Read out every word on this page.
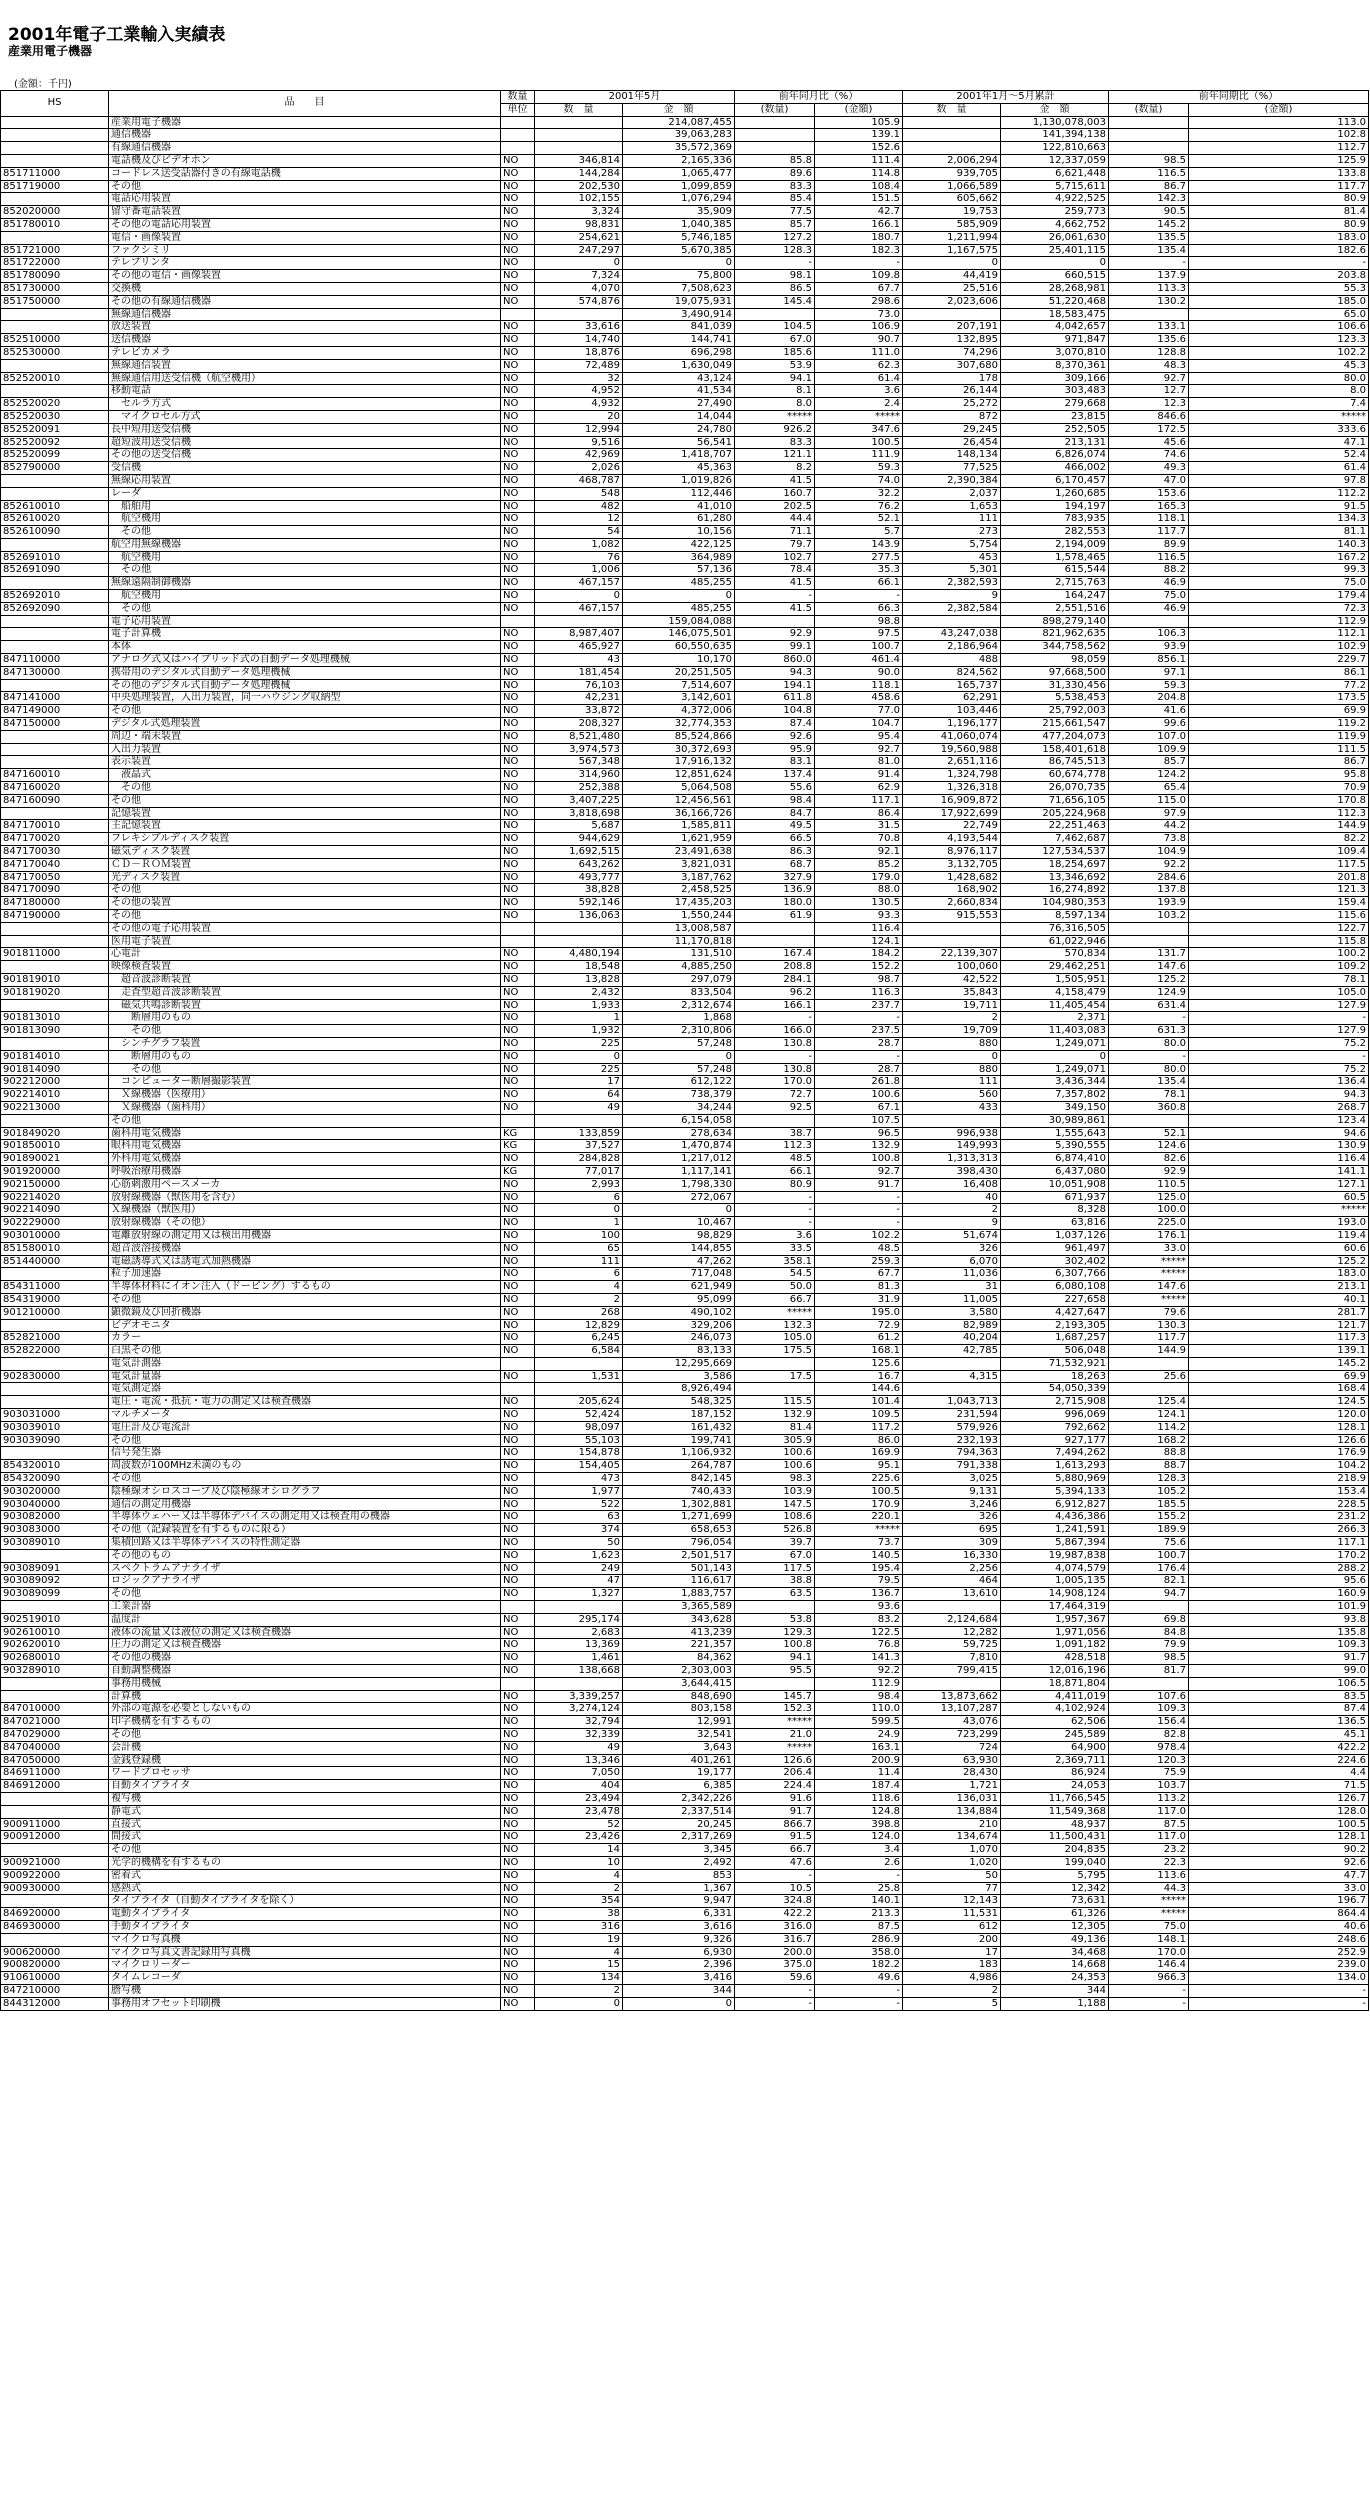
2001年電子工業輸入実績表
産業用電子機器
(金額：千円)
HS	品　　目	数量	2001年5月		前年同月比（%）		2001年1月〜5月累計		前年同期比（%）	
		単位	数　量	金　額	(数量)	(金額)	数　量	金　額	(数量)	(金額)
	産業用電子機器			214,087,455		105.9		1,130,078,003		113.0
	通信機器			39,063,283		139.1		141,394,138		102.8
	有線通信機器			35,572,369		152.6		122,810,663		112.7
	電話機及びビデオホン	NO	346,814	2,165,336	85.8	111.4	2,006,294	12,337,059	98.5	125.9
851711000	コードレス送受話器付きの有線電話機	NO	144,284	1,065,477	89.6	114.8	939,705	6,621,448	116.5	133.8
851719000	その他	NO	202,530	1,099,859	83.3	108.4	1,066,589	5,715,611	86.7	117.7
	電話応用装置	NO	102,155	1,076,294	85.4	151.5	605,662	4,922,525	142.3	80.9
852020000	留守番電話装置	NO	3,324	35,909	77.5	42.7	19,753	259,773	90.5	81.4
851780010	その他の電話応用装置	NO	98,831	1,040,385	85.7	166.1	585,909	4,662,752	145.2	80.9
	電信・画像装置	NO	254,621	5,746,185	127.2	180.7	1,211,994	26,061,630	135.5	183.0
851721000	ファクシミリ	NO	247,297	5,670,385	128.3	182.3	1,167,575	25,401,115	135.4	182.6
851722000	テレプリンタ	NO	0	0	-	-	0	0	-	-
851780090	その他の電信・画像装置	NO	7,324	75,800	98.1	109.8	44,419	660,515	137.9	203.8
851730000	交換機	NO	4,070	7,508,623	86.5	67.7	25,516	28,268,981	113.3	55.3
851750000	その他の有線通信機器	NO	574,876	19,075,931	145.4	298.6	2,023,606	51,220,468	130.2	185.0
	無線通信機器			3,490,914		73.0		18,583,475		65.0
	放送装置	NO	33,616	841,039	104.5	106.9	207,191	4,042,657	133.1	106.6
852510000	送信機器	NO	14,740	144,741	67.0	90.7	132,895	971,847	135.6	123.3
852530000	テレビカメラ	NO	18,876	696,298	185.6	111.0	74,296	3,070,810	128.8	102.2
	無線通信装置	NO	72,489	1,630,049	53.9	62.3	307,680	8,370,361	48.3	45.3
852520010	無線通信用送受信機（航空機用）	NO	32	43,124	94.1	61.4	178	309,166	92.7	80.0
	移動電話	NO	4,952	41,534	8.1	3.6	26,144	303,483	12.7	8.0
852520020	　セルラ方式	NO	4,932	27,490	8.0	2.4	25,272	279,668	12.3	7.4
852520030	　マイクロセル方式	NO	20	14,044	*****	*****	872	23,815	846.6	*****
852520091	長中短用送受信機	NO	12,994	24,780	926.2	347.6	29,245	252,505	172.5	333.6
852520092	超短波用送受信機	NO	9,516	56,541	83.3	100.5	26,454	213,131	45.6	47.1
852520099	その他の送受信機	NO	42,969	1,418,707	121.1	111.9	148,134	6,826,074	74.6	52.4
852790000	受信機	NO	2,026	45,363	8.2	59.3	77,525	466,002	49.3	61.4
	無線応用装置	NO	468,787	1,019,826	41.5	74.0	2,390,384	6,170,457	47.0	97.8
	レーダ	NO	548	112,446	160.7	32.2	2,037	1,260,685	153.6	112.2
852610010	　船舶用	NO	482	41,010	202.5	76.2	1,653	194,197	165.3	91.5
852610020	　航空機用	NO	12	61,280	44.4	52.1	111	783,935	118.1	134.3
852610090	　その他	NO	54	10,156	71.1	5.7	273	282,553	117.7	81.1
	航空用無線機器	NO	1,082	422,125	79.7	143.9	5,754	2,194,009	89.9	140.3
852691010	　航空機用	NO	76	364,989	102.7	277.5	453	1,578,465	116.5	167.2
852691090	　その他	NO	1,006	57,136	78.4	35.3	5,301	615,544	88.2	99.3
	無線遠隔制御機器	NO	467,157	485,255	41.5	66.1	2,382,593	2,715,763	46.9	75.0
852692010	　航空機用	NO	0	0	-	-	9	164,247	75.0	179.4
852692090	　その他	NO	467,157	485,255	41.5	66.3	2,382,584	2,551,516	46.9	72.3
	電子応用装置			159,084,088		98.8		898,279,140		112.9
	電子計算機	NO	8,987,407	146,075,501	92.9	97.5	43,247,038	821,962,635	106.3	112.1
	本体	NO	465,927	60,550,635	99.1	100.7	2,186,964	344,758,562	93.9	102.9
847110000	アナログ式又はハイブリッド式の自動データ処理機械	NO	43	10,170	860.0	461.4	488	98,059	856.1	229.7
847130000	携帯用のデジタル式自動データ処理機械	NO	181,454	20,251,505	94.3	90.0	824,562	97,668,500	97.1	86.1
	その他のデジタル式自動データ処理機械	NO	76,103	7,514,607	194.1	118.1	165,737	31,330,456	59.3	77.2
847141000	中央処理装置，入出力装置，同一ハウジング収納型	NO	42,231	3,142,601	611.8	458.6	62,291	5,538,453	204.8	173.5
847149000	その他	NO	33,872	4,372,006	104.8	77.0	103,446	25,792,003	41.6	69.9
847150000	デジタル式処理装置	NO	208,327	32,774,353	87.4	104.7	1,196,177	215,661,547	99.6	119.2
	周辺・端末装置	NO	8,521,480	85,524,866	92.6	95.4	41,060,074	477,204,073	107.0	119.9
	入出力装置	NO	3,974,573	30,372,693	95.9	92.7	19,560,988	158,401,618	109.9	111.5
	表示装置	NO	567,348	17,916,132	83.1	81.0	2,651,116	86,745,513	85.7	86.7
847160010	　液晶式	NO	314,960	12,851,624	137.4	91.4	1,324,798	60,674,778	124.2	95.8
847160020	　その他	NO	252,388	5,064,508	55.6	62.9	1,326,318	26,070,735	65.4	70.9
847160090	その他	NO	3,407,225	12,456,561	98.4	117.1	16,909,872	71,656,105	115.0	170.8
	記憶装置	NO	3,818,698	36,166,726	84.7	86.4	17,922,699	205,224,968	97.9	112.3
847170010	主記憶装置	NO	5,687	1,585,811	49.5	31.5	22,749	22,251,463	44.2	144.9
847170020	フレキシブルディスク装置	NO	944,629	1,621,959	66.5	70.8	4,193,544	7,462,687	73.8	82.2
847170030	磁気ディスク装置	NO	1,692,515	23,491,638	86.3	92.1	8,976,117	127,534,537	104.9	109.4
847170040	ＣＤ－ＲＯＭ装置	NO	643,262	3,821,031	68.7	85.2	3,132,705	18,254,697	92.2	117.5
847170050	光ディスク装置	NO	493,777	3,187,762	327.9	179.0	1,428,682	13,346,692	284.6	201.8
847170090	その他	NO	38,828	2,458,525	136.9	88.0	168,902	16,274,892	137.8	121.3
847180000	その他の装置	NO	592,146	17,435,203	180.0	130.5	2,660,834	104,980,353	193.9	159.4
847190000	その他	NO	136,063	1,550,244	61.9	93.3	915,553	8,597,134	103.2	115.6
	その他の電子応用装置			13,008,587		116.4		76,316,505		122.7
	医用電子装置			11,170,818		124.1		61,022,946		115.8
901811000	心電計	NO	4,480,194	131,510	167.4	184.2	22,139,307	570,834	131.7	100.2
	映像検査装置	NO	18,548	4,885,250	208.8	152.2	100,060	29,462,251	147.6	109.2
901819010	　超音波診断装置	NO	13,828	297,079	284.1	98.7	42,522	1,505,951	125.2	78.1
901819020	　走査型超音波診断装置	NO	2,432	833,504	96.2	116.3	35,843	4,158,479	124.9	105.0
	　磁気共鳴診断装置	NO	1,933	2,312,674	166.1	237.7	19,711	11,405,454	631.4	127.9
901813010	　　断層用のもの	NO	1	1,868	-	-	2	2,371	-	-
901813090	　　その他	NO	1,932	2,310,806	166.0	237.5	19,709	11,403,083	631.3	127.9
	　シンチグラフ装置	NO	225	57,248	130.8	28.7	880	1,249,071	80.0	75.2
901814010	　　断層用のもの	NO	0	0	-	-	0	0	-	-
901814090	　　その他	NO	225	57,248	130.8	28.7	880	1,249,071	80.0	75.2
902212000	　コンピューター断層撮影装置	NO	17	612,122	170.0	261.8	111	3,436,344	135.4	136.4
902214010	　Ｘ線機器（医療用）	NO	64	738,379	72.7	100.6	560	7,357,802	78.1	94.3
902213000	　Ｘ線機器（歯科用）	NO	49	34,244	92.5	67.1	433	349,150	360.8	268.7
	その他			6,154,058		107.5		30,989,861		123.4
901849020	歯科用電気機器	KG	133,859	278,634	38.7	96.5	996,938	1,555,643	52.1	94.6
901850010	眼科用電気機器	KG	37,527	1,470,874	112.3	132.9	149,993	5,390,555	124.6	130.9
901890021	外科用電気機器	NO	284,828	1,217,012	48.5	100.8	1,313,313	6,874,410	82.6	116.4
901920000	呼吸治療用機器	KG	77,017	1,117,141	66.1	92.7	398,430	6,437,080	92.9	141.1
902150000	心筋刺激用ペースメーカ	NO	2,993	1,798,330	80.9	91.7	16,408	10,051,908	110.5	127.1
902214020	放射線機器（獣医用を含む）	NO	6	272,067	-	-	40	671,937	125.0	60.5
902214090	Ｘ線機器（獣医用）	NO	0	0	-	-	2	8,328	100.0	*****
902229000	放射線機器（その他）	NO	1	10,467	-	-	9	63,816	225.0	193.0
903010000	電離放射線の測定用又は検出用機器	NO	100	98,829	3.6	102.2	51,674	1,037,126	176.1	119.4
851580010	超音波溶接機器	NO	65	144,855	33.5	48.5	326	961,497	33.0	60.6
851440000	電磁誘導式又は誘電式加熱機器	NO	111	47,262	358.1	259.3	6,070	302,402	*****	125.2
	粒子加速器	NO	6	717,048	54.5	67.7	11,036	6,307,766	*****	183.0
854311000	半導体材料にイオン注入（ドーピング）するもの	NO	4	621,949	50.0	81.3	31	6,080,108	147.6	213.1
854319000	その他	NO	2	95,099	66.7	31.9	11,005	227,658	*****	40.1
901210000	顕微鏡及び回折機器	NO	268	490,102	*****	195.0	3,580	4,427,647	79.6	281.7
	ビデオモニタ	NO	12,829	329,206	132.3	72.9	82,989	2,193,305	130.3	121.7
852821000	カラー	NO	6,245	246,073	105.0	61.2	40,204	1,687,257	117.7	117.3
852822000	白黒その他	NO	6,584	83,133	175.5	168.1	42,785	506,048	144.9	139.1
	電気計測器			12,295,669		125.6		71,532,921		145.2
902830000	電気計量器	NO	1,531	3,586	17.5	16.7	4,315	18,263	25.6	69.9
	電気測定器			8,926,494		144.6		54,050,339		168.4
	電圧・電流・抵抗・電力の測定又は検査機器	NO	205,624	548,325	115.5	101.4	1,043,713	2,715,908	125.4	124.5
903031000	マルチメータ	NO	52,424	187,152	132.9	109.5	231,594	996,069	124.1	120.0
903039010	電圧計及び電流計	NO	98,097	161,432	81.4	117.2	579,926	792,662	114.2	128.1
903039090	その他	NO	55,103	199,741	305.9	86.0	232,193	927,177	168.2	126.6
	信号発生器	NO	154,878	1,106,932	100.6	169.9	794,363	7,494,262	88.8	176.9
854320010	周波数が100MHz未満のもの	NO	154,405	264,787	100.6	95.1	791,338	1,613,293	88.7	104.2
854320090	その他	NO	473	842,145	98.3	225.6	3,025	5,880,969	128.3	218.9
903020000	陰極線オシロスコープ及び陰極線オシログラフ	NO	1,977	740,433	103.9	100.5	9,131	5,394,133	105.2	153.4
903040000	通信の測定用機器	NO	522	1,302,881	147.5	170.9	3,246	6,912,827	185.5	228.5
903082000	半導体ウェハー又は半導体デバイスの測定用又は検査用の機器	NO	63	1,271,699	108.6	220.1	326	4,436,386	155.2	231.2
903083000	その他（記録装置を有するものに限る）	NO	374	658,653	526.8	*****	695	1,241,591	189.9	266.3
903089010	集積回路又は半導体デバイスの特性測定器	NO	50	796,054	39.7	73.7	309	5,867,394	75.6	117.1
	その他のもの	NO	1,623	2,501,517	67.0	140.5	16,330	19,987,838	100.7	170.2
903089091	スペクトラムアナライザ	NO	249	501,143	117.5	195.4	2,256	4,074,579	176.4	288.2
903089092	ロジックアナライザ	NO	47	116,617	38.8	79.5	464	1,005,135	82.1	95.6
903089099	その他	NO	1,327	1,883,757	63.5	136.7	13,610	14,908,124	94.7	160.9
	工業計器			3,365,589		93.6		17,464,319		101.9
902519010	温度計	NO	295,174	343,628	53.8	83.2	2,124,684	1,957,367	69.8	93.8
902610010	液体の流量又は液位の測定又は検査機器	NO	2,683	413,239	129.3	122.5	12,282	1,971,056	84.8	135.8
902620010	圧力の測定又は検査機器	NO	13,369	221,357	100.8	76.8	59,725	1,091,182	79.9	109.3
902680010	その他の機器	NO	1,461	84,362	94.1	141.3	7,810	428,518	98.5	91.7
903289010	自動調整機器	NO	138,668	2,303,003	95.5	92.2	799,415	12,016,196	81.7	99.0
	事務用機械			3,644,415		112.9		18,871,804		106.5
	計算機	NO	3,339,257	848,690	145.7	98.4	13,873,662	4,411,019	107.6	83.5
847010000	外部の電源を必要としないもの	NO	3,274,124	803,158	152.3	110.0	13,107,287	4,102,924	109.3	87.4
847021000	印字機構を有するもの	NO	32,794	12,991	*****	599.5	43,076	62,506	156.4	136.5
847029000	その他	NO	32,339	32,541	21.0	24.9	723,299	245,589	82.8	45.1
847040000	会計機	NO	49	3,643	*****	163.1	724	64,900	978.4	422.2
847050000	金銭登録機	NO	13,346	401,261	126.6	200.9	63,930	2,369,711	120.3	224.6
846911000	ワードプロセッサ	NO	7,050	19,177	206.4	11.4	28,430	86,924	75.9	4.4
846912000	自動タイプライタ	NO	404	6,385	224.4	187.4	1,721	24,053	103.7	71.5
	複写機	NO	23,494	2,342,226	91.6	118.6	136,031	11,766,545	113.2	126.7
	静電式	NO	23,478	2,337,514	91.7	124.8	134,884	11,549,368	117.0	128.0
900911000	直接式	NO	52	20,245	866.7	398.8	210	48,937	87.5	100.5
900912000	間接式	NO	23,426	2,317,269	91.5	124.0	134,674	11,500,431	117.0	128.1
	その他	NO	14	3,345	66.7	3.4	1,070	204,835	23.2	90.2
900921000	光学的機構を有するもの	NO	10	2,492	47.6	2.6	1,020	199,040	22.3	92.6
900922000	密着式	NO	4	853	-	-	50	5,795	113.6	47.7
900930000	感熱式	NO	2	1,367	10.5	25.8	77	12,342	44.3	33.0
	タイプライタ（自動タイプライタを除く）	NO	354	9,947	324.8	140.1	12,143	73,631	*****	196.7
846920000	電動タイプライタ	NO	38	6,331	422.2	213.3	11,531	61,326	*****	864.4
846930000	手動タイプライタ	NO	316	3,616	316.0	87.5	612	12,305	75.0	40.6
	マイクロ写真機	NO	19	9,326	316.7	286.9	200	49,136	148.1	248.6
900620000	マイクロ写真文書記録用写真機	NO	4	6,930	200.0	358.0	17	34,468	170.0	252.9
900820000	マイクロリーダー	NO	15	2,396	375.0	182.2	183	14,668	146.4	239.0
910610000	タイムレコーダ	NO	134	3,416	59.6	49.6	4,986	24,353	966.3	134.0
847210000	謄写機	NO	2	344	-	-	2	344	-	-
844312000	事務用オフセット印刷機	NO	0	0	-	-	5	1,188	-	-
